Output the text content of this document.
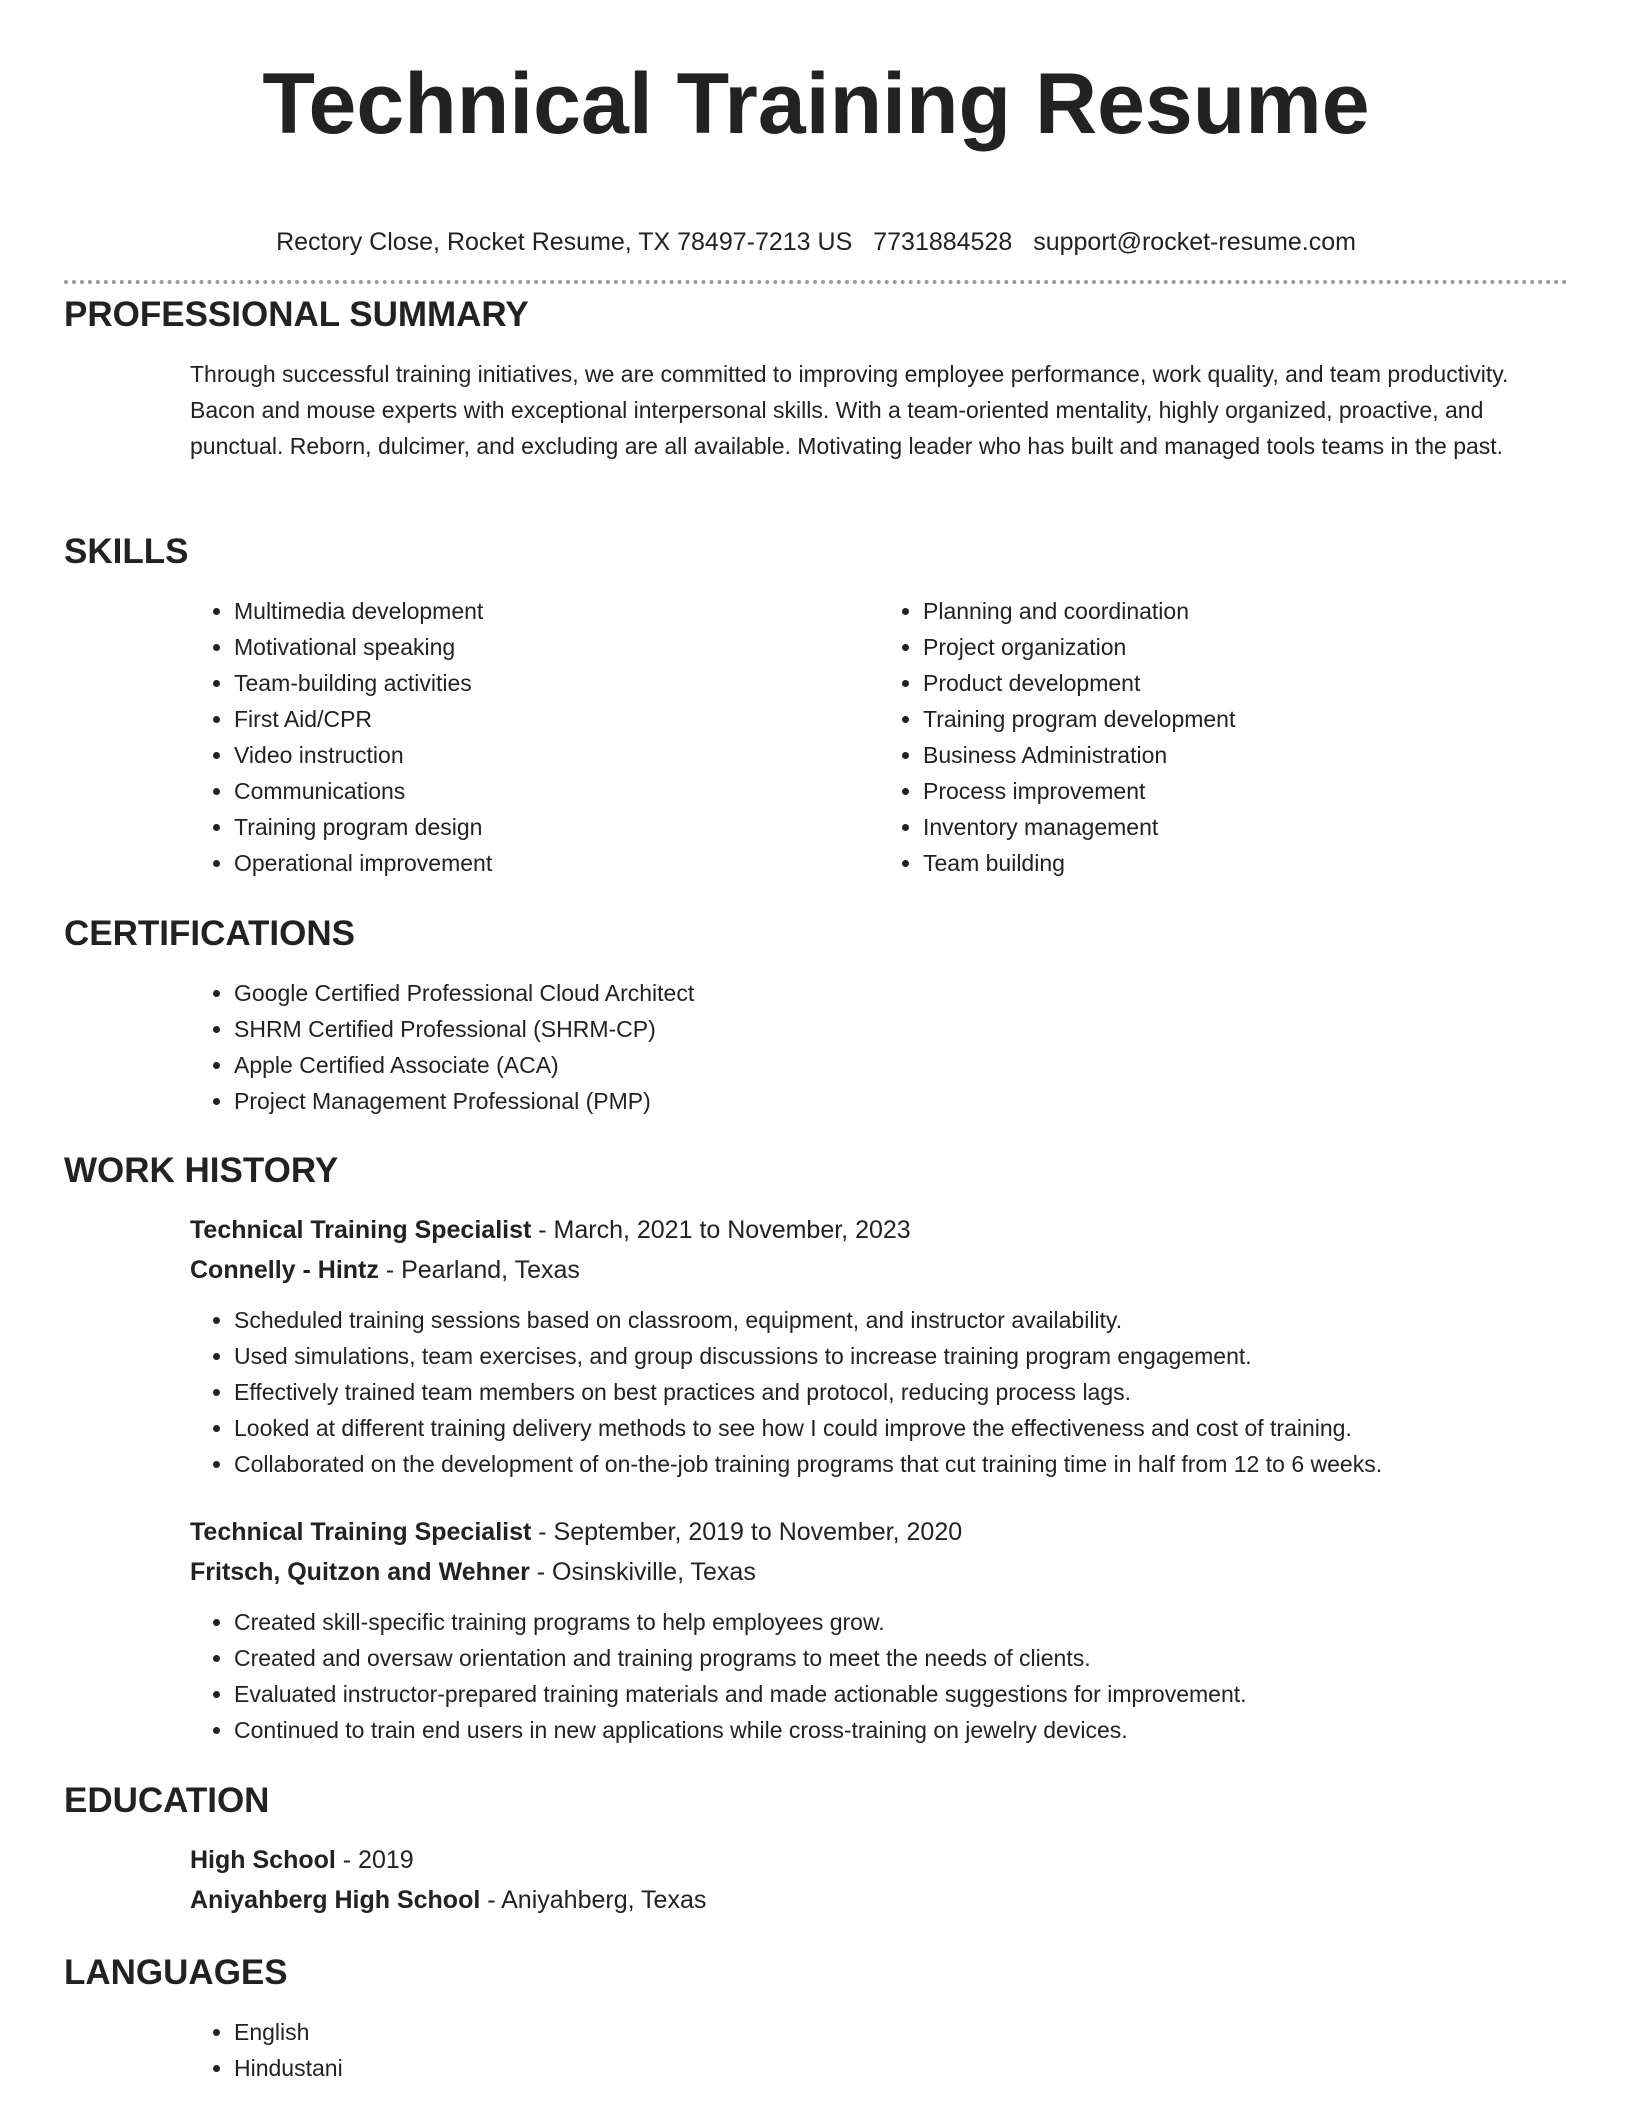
Technical Training Resume
Rectory Close, Rocket Resume, TX 78497-7213 US 7731884528 support@rocket-resume.com
PROFESSIONAL SUMMARY

Through successful training initiatives, we are committed to improving employee performance, work quality, and team productivity. Bacon and mouse experts with exceptional interpersonal skills. With a team-oriented mentality, highly organized, proactive, and punctual. Reborn, dulcimer, and excluding are all available. Motivating leader who has built and managed tools teams in the past.

SKILLS
• Multimedia development
• Motivational speaking
• Team-building activities
• First Aid/CPR
• Video instruction
• Communications
• Training program design
• Operational improvement
• Planning and coordination
• Project organization
• Product development
• Training program development
• Business Administration
• Process improvement
• Inventory management
• Team building
CERTIFICATIONS
• Google Certified Professional Cloud Architect
• SHRM Certified Professional (SHRM-CP)
• Apple Certified Associate (ACA)
• Project Management Professional (PMP)
WORK HISTORY
Technical Training Specialist - March, 2021 to November, 2023
Connelly - Hintz - Pearland, Texas
• Scheduled training sessions based on classroom, equipment, and instructor availability.
• Used simulations, team exercises, and group discussions to increase training program engagement.
• Effectively trained team members on best practices and protocol, reducing process lags.
• Looked at different training delivery methods to see how I could improve the effectiveness and cost of training.
• Collaborated on the development of on-the-job training programs that cut training time in half from 12 to 6 weeks.
Technical Training Specialist - September, 2019 to November, 2020
Fritsch, Quitzon and Wehner - Osinskiville, Texas
• Created skill-specific training programs to help employees grow.
• Created and oversaw orientation and training programs to meet the needs of clients.
• Evaluated instructor-prepared training materials and made actionable suggestions for improvement.
• Continued to train end users in new applications while cross-training on jewelry devices.
EDUCATION
High School - 2019
Aniyahberg High School - Aniyahberg, Texas
LANGUAGES
• English
• Hindustani
